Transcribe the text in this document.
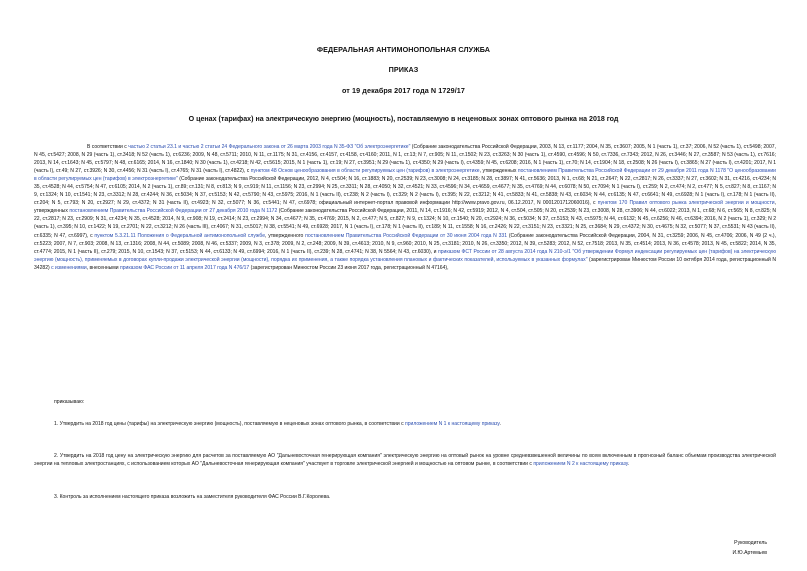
ФЕДЕРАЛЬНАЯ АНТИМОНОПОЛЬНАЯ СЛУЖБА
ПРИКАЗ
от 19 декабря 2017 года N 1729/17
О ценах (тарифах) на электрическую энергию (мощность), поставляемую в неценовых зонах оптового рынка на 2018 год
В соответствии с частью 2 статьи 23.1 и частью 2 статьи 24 Федерального закона от 26 марта 2003 года N 35-ФЗ "Об электроэнергетике" (Собрание законодательства Российской Федерации, 2003, N 13, ст.1177; 2004, N 35, ст.3607; 2005, N 1 (часть 1), ст.37; 2006, N 52 (часть 1), ст.5498; 2007, N 45, ст.5427; 2008, N 29 (часть 1), ст.3418; N 52 (часть 1), ст.6236; 2009, N 48, ст.5711; 2010, N 11, ст.1175; N 31, ст.4156, ст.4157, ст.4158, ст.4160; 2011, N 1, ст.13; N 7, ст.905; N 11, ст.1502; N 23, ст.3263; N 30 (часть 1), ст.4590, ст.4596; N 50, ст.7336, ст.7343; 2012, N 26, ст.3446; N 27, ст.3587; N 53 (часть 1), ст.7616; 2013, N 14, ст.1643; N 45, ст.5797; N 48, ст.6165; 2014, N 16, ст.1840; N 30 (часть 1), ст.4218; N 42, ст.5615; 2015, N 1 (часть 1), ст.19; N 27, ст.3951; N 29 (часть 1), ст.4350; N 29 (часть I), ст.4359; N 45, ст.6208; 2016, N 1 (часть 1), ст.70; N 14, ст.1904; N 18, ст.2508; N 26 (часть I), ст.3865; N 27 (часть I), ст.4201; 2017, N 1 (часть I), ст.49; N 27, ст.3926; N 30, ст.4456; N 31 (часть I), ст.4765; N 31 (часть I), ст.4822), с пунктом 48 Основ ценообразования в области регулируемых цен (тарифов) в электроэнергетике, утвержденных постановлением Правительства Российской Федерации от 29 декабря 2011 года N 1178 "О ценообразовании в области регулируемых цен (тарифов) в электроэнергетике" (Собрание законодательства Российской Федерации, 2012, N 4, ст.504; N 16, ст.1883; N 20, ст.2539; N 23, ст.3008; N 24, ст.3185; N 28, ст.3897; N 41, ст.5636; 2013, N 1, ст.68; N 21, ст.2647; N 22, ст.2817; N 26, ст.3337; N 27, ст.3602; N 31, ст.4216, ст.4234; N 35, ст.4528; N 44, ст.5754; N 47, ст.6105; 2014, N 2 (часть 1), ст.89; ст.131; N 8, ст.813; N 9, ст.919; N 11, ст.1156; N 23, ст.2994; N 25, ст.3311; N 28, ст.4050; N 32, ст.4521; N 33, ст.4596; N 34, ст.4659, ст.4677; N 35, ст.4769; N 44, ст.6078; N 50, ст.7094; N 1 (часть I), ст.259; N 2, ст.474; N 2, ст.477; N 5, ст.827; N 8, ст.1167; N 9, ст.1324; N 10, ст.1541; N 23, ст.3312; N 28, ст.4244; N 36, ст.5034; N 37, ст.5153; N 42, ст.5790; N 43, ст.5975; 2016, N 1 (часть II), ст.238; N 2 (часть I), ст.329; N 2 (часть I), ст.395; N 22, ст.3212; N 41, ст.5833; N 41, ст.5838; N 43, ст.6034; N 44, ст.6135; N 47, ст.6641; N 49, ст.6928; N 1 (часть I), ст.178; N 1 (часть II), ст.204; N 5, ст.793; N 20, ст.2927; N 29, ст.4372; N 31 (часть II), ст.4923; N 32, ст.5077; N 36, ст.5441; N 47, ст.6978; официальный интернет-портал правовой информации http://www.pravo.gov.ru, 06.12.2017, N 0001201712060016), с пунктом 170 Правил оптового рынка электрической энергии и мощности, утвержденных постановлением Правительства Российской Федерации от 27 декабря 2010 года N 1172 (Собрание законодательства Российской Федерации, 2011, N 14, ст.1916; N 42, ст.5919; 2012, N 4, ст.504, ст.505; N 20, ст.2539; N 23, ст.3008, N 28, ст.3906; N 44, ст.6022; 2013, N 1, ст.68; N 6, ст.565; N 8, ст.825; N 22, ст.2817; N 23, ст.2909; N 31, ст.4234; N 35, ст.4528; 2014, N 9, ст.908; N 19, ст.2414; N 23, ст.2994; N 34, ст.4677; N 35, ст.4769; 2015, N 2, ст.477; N 5, ст.827; N 9, ст.1324; N 10, ст.1540; N 20, ст.2924; N 36, ст.5034; N 37, ст.5153; N 43, ст.5975; N 44, ст.6132; N 45, ст.6256; N 46, ст.6394; 2016, N 2 (часть 1), ст.329; N 2 (часть 1), ст.395; N 10, ст.1422; N 19, ст.2701; N 22, ст.3212; N 26 (часть III), ст.4067; N 31, ст.5017; N 38, ст.5541; N 49, ст.6928; 2017, N 1 (часть I), ст.178; N 1 (часть II), ст.189; N 11, ст.1558; N 16, ст.2426; N 22, ст.3151; N 23, ст.3321; N 25, ст.3684; N 29, ст.4372; N 30, ст.4675; N 32, ст.5077; N 37, ст.5531; N 43 (часть II), ст.6335; N 47, ст.6997), с пунктом 5.3.21.11 Положения о Федеральной антимонопольной службе, утвержденного постановлением Правительства Российской Федерации от 30 июня 2004 года N 331 (Собрание законодательства Российской Федерации, 2004, N 31, ст.3259; 2006, N 45, ст.4706; 2006, N 49 (2 ч.), ст.5223; 2007, N 7, ст.903; 2008, N 13, ст.1316; 2008, N 44, ст.5089; 2008, N 46, ст.5337; 2009, N 3, ст.378; 2009, N 2, ст.248; 2009, N 39, ст.4613; 2010, N 9, ст.960; 2010, N 25, ст.3181; 2010, N 26, ст.3350; 2012, N 39, ст.5283; 2012, N 52, ст.7518; 2013, N 35, ст.4514; 2013, N 36, ст.4578; 2013, N 45, ст.5822; 2014, N 35, ст.4774; 2015, N 1 (часть II), ст.279; 2015, N 10, ст.1543; N 37, ст.5153; N 44, ст.6133; N 49, ст.6994; 2016, N 1 (часть II), ст.239; N 28, ст.4741; N 38, N 5564; N 43, ст.6030), и приказом ФСТ России от 28 августа 2014 года N 210-э/1 "Об утверждении Формул индексации регулируемых цен (тарифов) на электрическую энергию (мощность), применяемых в договорах купли-продажи электрической энергии (мощности), порядка их применения, а также порядка установления плановых и фактических показателей, используемых в указанных формулах" (зарегистрирован Минюстом России 10 октября 2014 года, регистрационный N 34282) с изменениями, внесенными приказом ФАС России от 11 апреля 2017 года N 476/17 (зарегистрирован Минюстом России 23 июня 2017 года, регистрационный N 47164),
приказываю:
1. Утвердить на 2018 год цены (тарифы) на электрическую энергию (мощность), поставляемую в неценовых зонах оптового рынка, в соответствии с приложением N 1 к настоящему приказу.
2. Утвердить на 2018 год цену на электрическую энергию для расчетов за поставляемую АО "Дальневосточная генерирующая компания" электрическую энергию на оптовый рынок на уровне средневзвешенной величины по всем включенным в прогнозный баланс объемам производства электрической энергии на тепловых электростанциях, с использованием которых АО "Дальневосточная генерирующая компания" участвует в торговле электрической энергией и мощностью на оптовом рынке, в соответствии с приложением N 2 к настоящему приказу.
3. Контроль за исполнением настоящего приказа возложить на заместителя руководителя ФАС России В.Г.Королева.
Руководитель
И.Ю.Артемьев
